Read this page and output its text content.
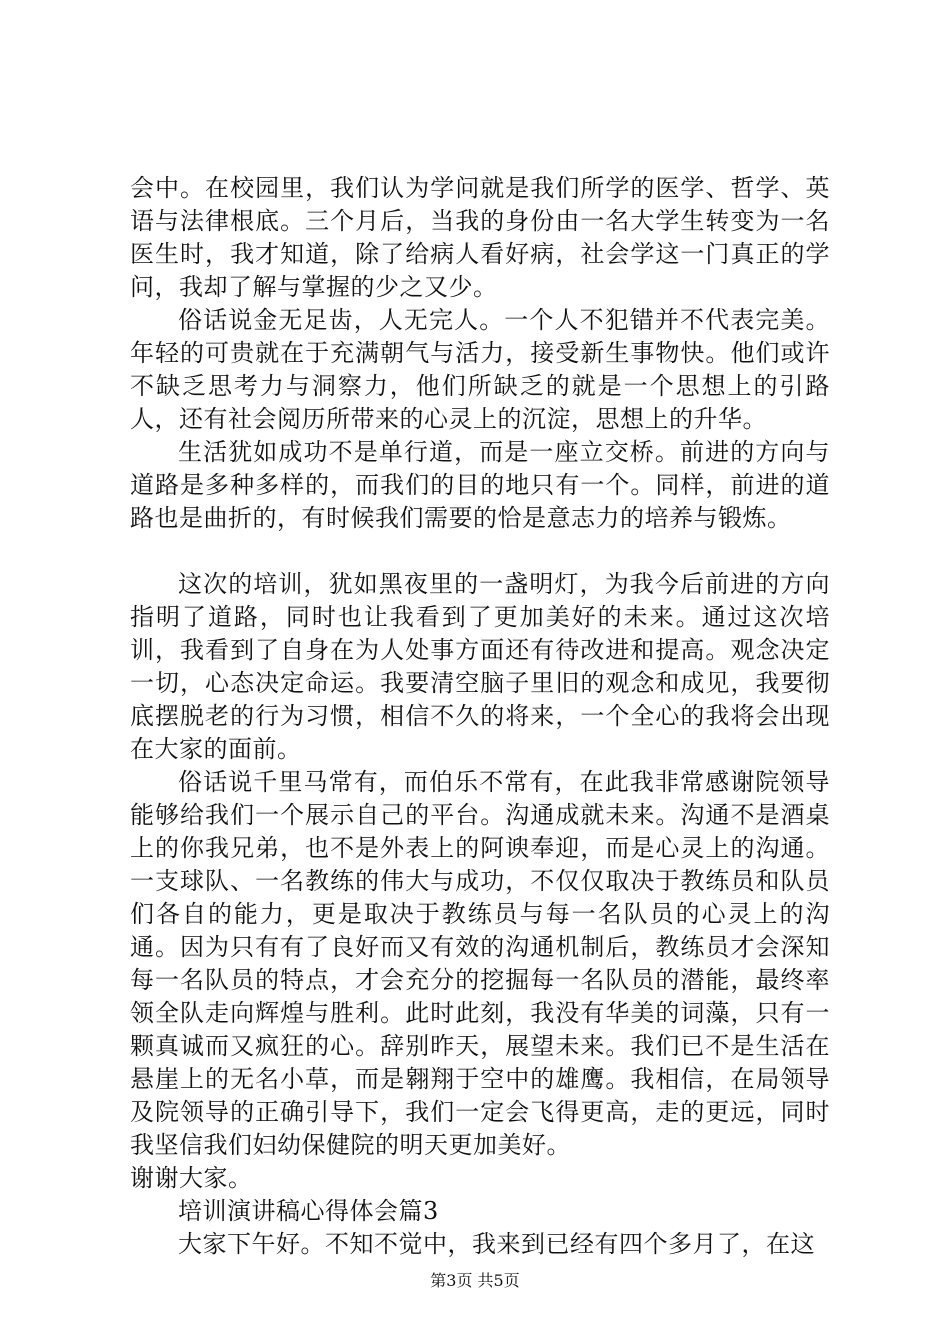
会中。在校园里，我们认为学问就是我们所学的医学、哲学、英语与法律根底。三个月后，当我的身份由一名大学生转变为一名医生时，我才知道，除了给病人看好病，社会学这一门真正的学问，我却了解与掌握的少之又少。

俗话说金无足齿，人无完人。一个人不犯错并不代表完美。年轻的可贵就在于充满朝气与活力，接受新生事物快。他们或许不缺乏思考力与洞察力，他们所缺乏的就是一个思想上的引路人，还有社会阅历所带来的心灵上的沉淀，思想上的升华。

生活犹如成功不是单行道，而是一座立交桥。前进的方向与道路是多种多样的，而我们的目的地只有一个。同样，前进的道路也是曲折的，有时候我们需要的恰是意志力的培养与锻炼。

这次的培训，犹如黑夜里的一盏明灯，为我今后前进的方向指明了道路，同时也让我看到了更加美好的未来。通过这次培训，我看到了自身在为人处事方面还有待改进和提高。观念决定一切，心态决定命运。我要清空脑子里旧的观念和成见，我要彻底摆脱老的行为习惯，相信不久的将来，一个全心的我将会出现在大家的面前。

俗话说千里马常有，而伯乐不常有，在此我非常感谢院领导能够给我们一个展示自己的平台。沟通成就未来。沟通不是酒桌上的你我兄弟，也不是外表上的阿谀奉迎，而是心灵上的沟通。一支球队、一名教练的伟大与成功，不仅仅取决于教练员和队员们各自的能力，更是取决于教练员与每一名队员的心灵上的沟通。因为只有有了良好而又有效的沟通机制后，教练员才会深知每一名队员的特点，才会充分的挖掘每一名队员的潜能，最终率领全队走向辉煌与胜利。此时此刻，我没有华美的词藻，只有一颗真诚而又疯狂的心。辞别昨天，展望未来。我们已不是生活在悬崖上的无名小草，而是翱翔于空中的雄鹰。我相信，在局领导及院领导的正确引导下，我们一定会飞得更高，走的更远，同时我坚信我们妇幼保健院的明天更加美好。

谢谢大家。

培训演讲稿心得体会篇3

大家下午好。不知不觉中，我来到已经有四个多月了，在这

第3页 共5页
